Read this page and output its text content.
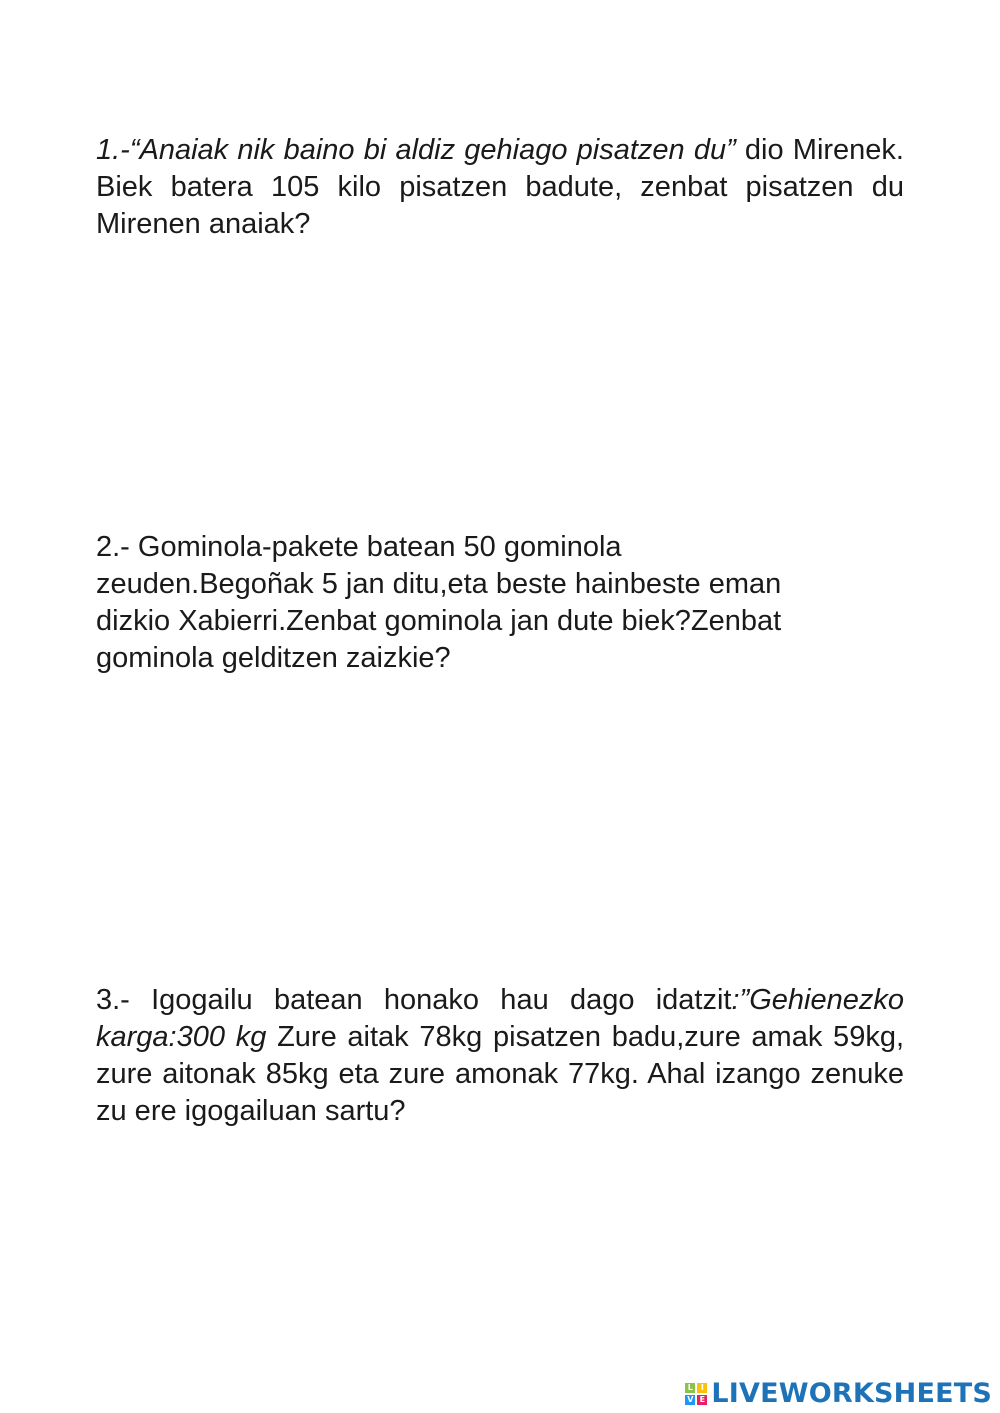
1.-“Anaiak nik baino bi aldiz gehiago pisatzen du” dio Mirenek. Biek batera 105 kilo pisatzen badute, zenbat pisatzen du Mirenen anaiak?

2.- Gominola-pakete batean 50 gominola
zeuden.Begoñak 5 jan ditu,eta beste hainbeste eman
dizkio Xabierri.Zenbat gominola jan dute biek?Zenbat
gominola gelditzen zaizkie?

3.- Igogailu batean honako hau dago idatzit:”Gehienezko karga:300 kg Zure aitak 78kg pisatzen badu,zure amak 59kg, zure aitonak 85kg eta zure amonak 77kg. Ahal izango zenuke zu ere igogailuan sartu?

L I
V E LIVEWORKSHEETS
